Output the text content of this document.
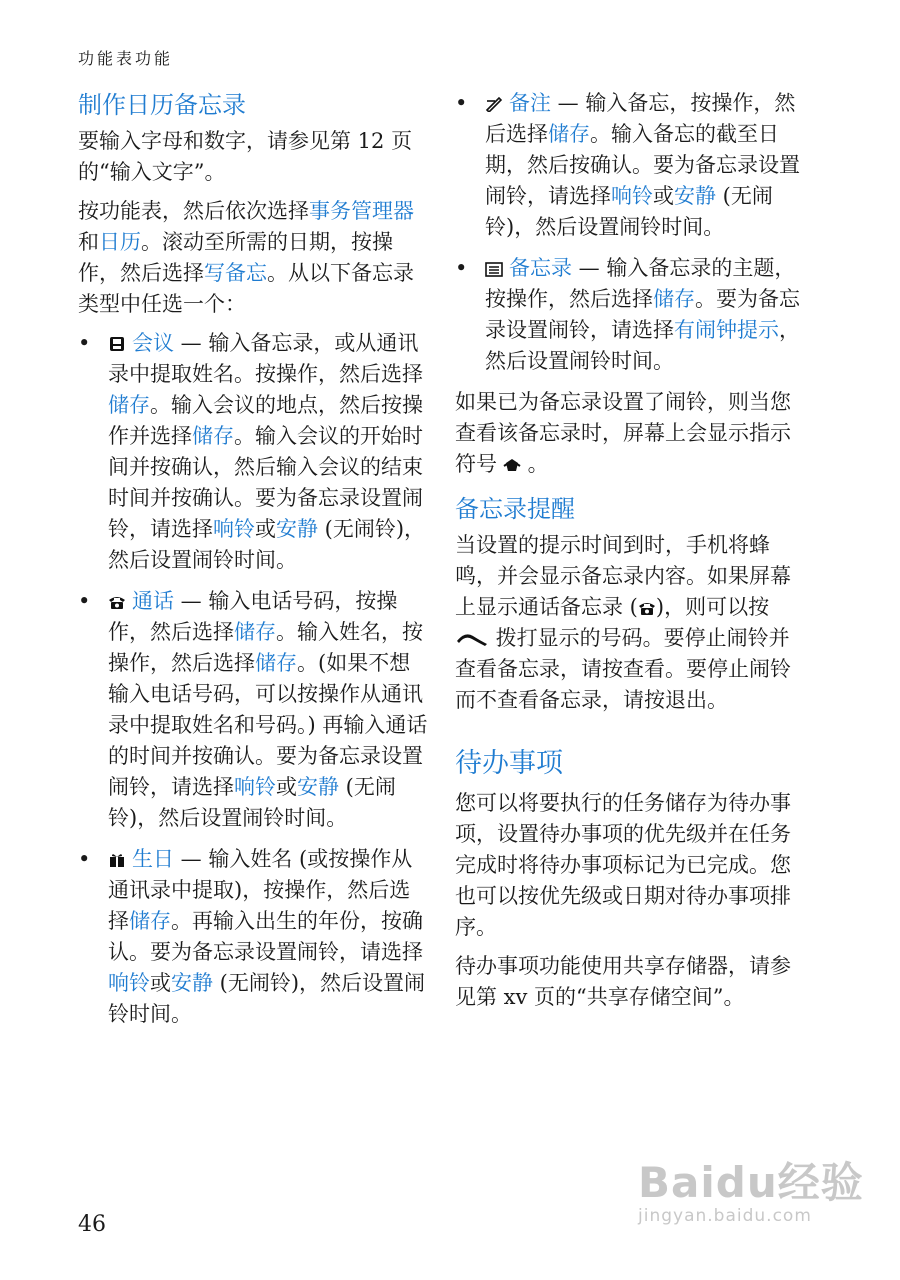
功能表功能
制作日历备忘录

要输入字母和数字，请参见第 12 页的“输入文字”。

按功能表，然后依次选择事务管理器和日历。滚动至所需的日期，按操作，然后选择写备忘。从以下备忘录类型中任选一个：

• 会议 — 输入备忘录，或从通讯录中提取姓名。按操作，然后选择储存。输入会议的地点，然后按操作并选择储存。输入会议的开始时间并按确认，然后输入会议的结束时间并按确认。要为备忘录设置闹铃，请选择响铃或安静 (无闹铃)，然后设置闹铃时间。
• 通话 — 输入电话号码，按操作，然后选择储存。输入姓名，按操作，然后选择储存。(如果不想输入电话号码，可以按操作从通讯录中提取姓名和号码。) 再输入通话的时间并按确认。要为备忘录设置闹铃，请选择响铃或安静 (无闹铃)，然后设置闹铃时间。
• 生日 — 输入姓名 (或按操作从通讯录中提取)，按操作，然后选择储存。再输入出生的年份，按确认。要为备忘录设置闹铃，请选择响铃或安静 (无闹铃)，然后设置闹铃时间。
• 备注 — 输入备忘，按操作，然后选择储存。输入备忘的截至日期，然后按确认。要为备忘录设置闹铃，请选择响铃或安静 (无闹铃)，然后设置闹铃时间。
• 备忘录 — 输入备忘录的主题，按操作，然后选择储存。要为备忘录设置闹铃，请选择有闹钟提示，然后设置闹铃时间。

如果已为备忘录设置了闹铃，则当您查看该备忘录时，屏幕上会显示指示符号 。

备忘录提醒

当设置的提示时间到时，手机将蜂鸣，并会显示备忘录内容。如果屏幕上显示通话备忘录 ( )，则可以按  拨打显示的号码。要停止闹铃并查看备忘录，请按查看。要停止闹铃而不查看备忘录，请按退出。

待办事项

您可以将要执行的任务储存为待办事项，设置待办事项的优先级并在任务完成时将待办事项标记为已完成。您也可以按优先级或日期对待办事项排序。

待办事项功能使用共享存储器，请参见第 xv 页的“共享存储空间”。

46
Baidu经验
jingyan.baidu.com
